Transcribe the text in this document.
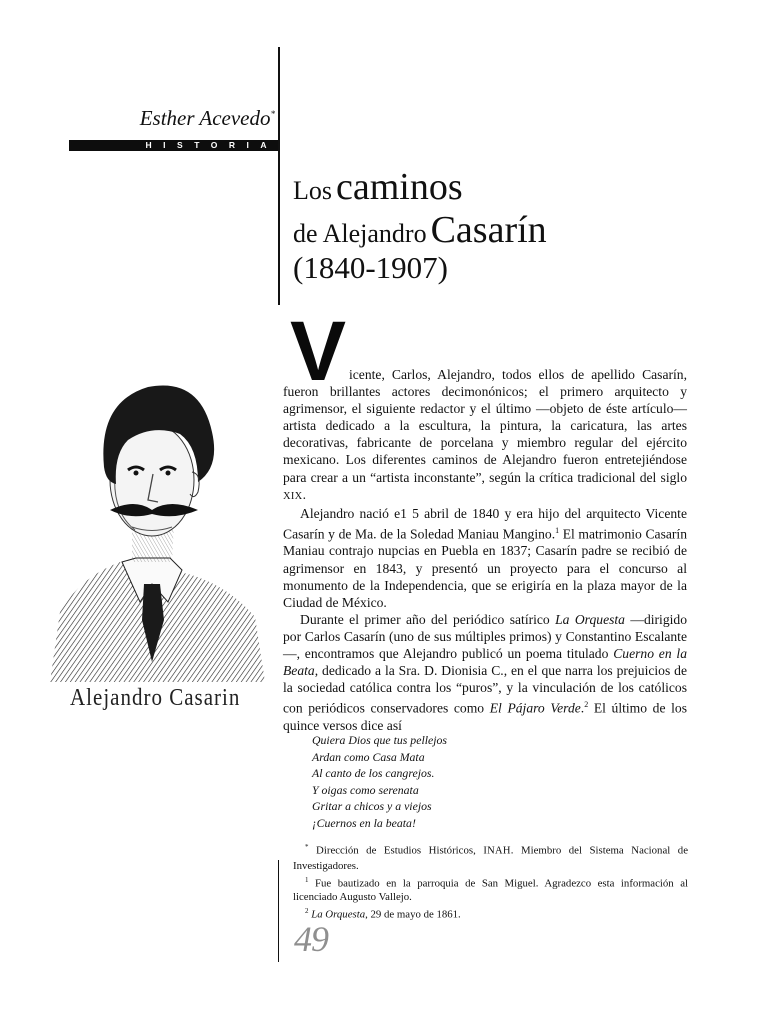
Esther Acevedo*
HISTORIA
Los caminos
de Alejandro Casarín
(1840-1907)
Alejandro Casarin
V icente, Carlos, Alejandro, todos ellos de apellido Casarín, fueron brillantes actores decimonónicos; el primero arquitecto y agrimensor, el siguiente redactor y el último —objeto de éste artículo— artista dedicado a la escultura, la pintura, la caricatura, las artes decorativas, fabricante de porcelana y miembro regular del ejército mexicano. Los diferentes caminos de Alejandro fueron entretejiéndose para crear a un “artista inconstante”, según la crítica tradicional del siglo XIX.

Alejandro nació e1 5 abril de 1840 y era hijo del arquitecto Vicente Casarín y de Ma. de la Soledad Maniau Mangino.$^1$ El matrimonio Casarín Maniau contrajo nupcias en Puebla en 1837; Casarín padre se recibió de agrimensor en 1843, y presentó un proyecto para el concurso al monumento de la Independencia, que se erigiría en la plaza mayor de la Ciudad de México.

Durante el primer año del periódico satírico La Orquesta —dirigido por Carlos Casarín (uno de sus múltiples primos) y Constantino Escalante—, encontramos que Alejandro publicó un poema titulado Cuerno en la Beata, dedicado a la Sra. D. Dionisia C., en el que narra los prejuicios de la sociedad católica contra los “puros”, y la vinculación de los católicos con periódicos conservadores como El Pájaro Verde.$^2$ El último de los quince versos dice así

Quiera Dios que tus pellejos
Ardan como Casa Mata
Al canto de los cangrejos.
Y oigas como serenata
Gritar a chicos y a viejos
¡Cuernos en la beata!

* Dirección de Estudios Históricos, INAH. Miembro del Sistema Nacional de Investigadores.

$^1$ Fue bautizado en la parroquia de San Miguel. Agradezco esta información al licenciado Augusto Vallejo.

$^2$ La Orquesta, 29 de mayo de 1861.

49
